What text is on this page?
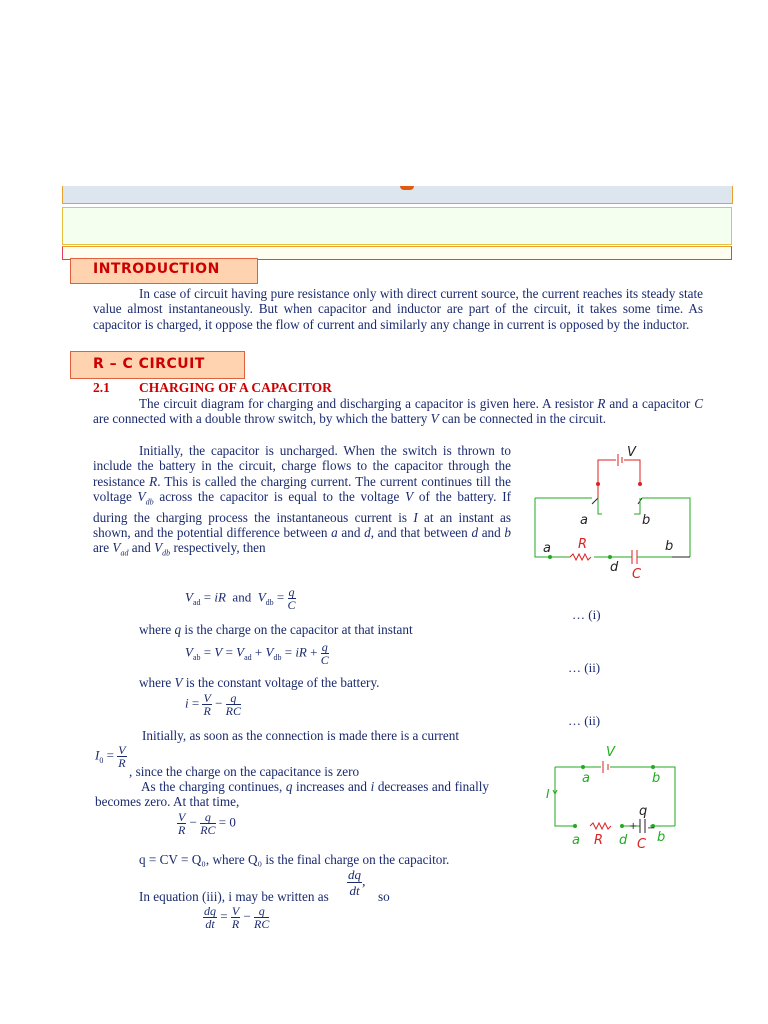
INTRODUCTION
In case of circuit having pure resistance only with direct current source, the current reaches its steady state value almost instantaneously. But when capacitor and inductor are part of the circuit, it takes some time. As capacitor is charged, it oppose the flow of current and similarly any change in current is opposed by the inductor.
R – C CIRCUIT
2.1 CHARGING OF A CAPACITOR
The circuit diagram for charging and discharging a capacitor is given here. A resistor R and a capacitor C are connected with a double throw switch, by which the battery V can be connected in the circuit.
Initially, the capacitor is uncharged. When the switch is thrown to include the battery in the circuit, charge flows to the capacitor through the resistance R. This is called the charging current. The current continues till the voltage $V_{db}$ across the capacitor is equal to the voltage V of the battery. If during the charging process the instantaneous current is I at an instant as shown, and the potential difference between a and d, and that between d and b are $V_{ad}$ and $V_{db}$ respectively, then
V
a	b
a R	b
d C
$V_{ad}$ = iR  and  $V_{db} = \frac{q}{C}$
… (i)
where q is the charge on the capacitor at that instant
$V_{ab} = V = V_{ad} + V_{db}$ = iR + $\frac{q}{C}$
… (ii)
where V is the constant voltage of the battery.
$i = \frac{V}{R} - \frac{q}{RC}$
… (ii)
Initially, as soon as the connection is made there is a current
$I_0 = \frac{V}{R}$
, since the charge on the capacitance is zero
As the charging continues, q increases and i decreases and finally becomes zero. At that time,
$\frac{V}{R} - \frac{q}{RC} = 0$
q = CV = Q₀, where Q₀ is the final charge on the capacitor.
In equation (iii), i may be written as $\frac{dq}{dt}$ ,
so
$\frac{dq}{dt} = \frac{V}{R} - \frac{q}{RC}$
V
a	b
I
q
+ −
a R d C b
